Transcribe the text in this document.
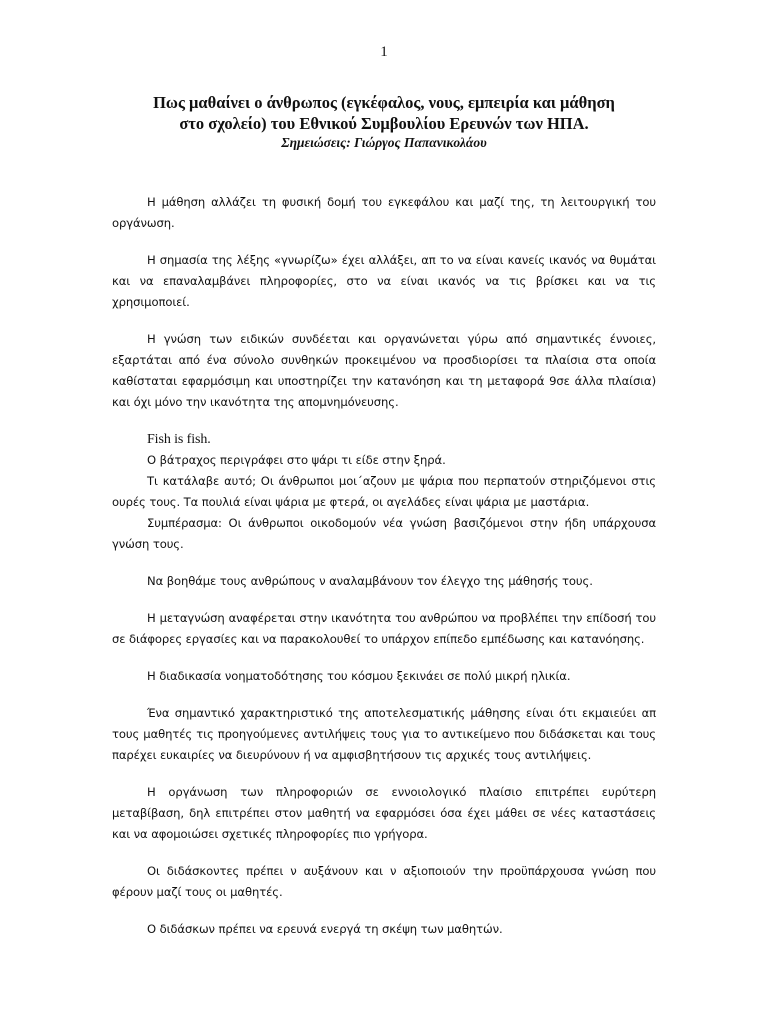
1
Πως μαθαίνει ο άνθρωπος (εγκέφαλος, νους, εμπειρία και μάθηση
στο σχολείο) του Εθνικού Συμβουλίου Ερευνών των ΗΠΑ.

Σημειώσεις: Γιώργος Παπανικολάου

Η μάθηση αλλάζει τη φυσική δομή του εγκεφάλου και μαζί της, τη λειτουργική του οργάνωση.

Η σημασία της λέξης «γνωρίζω» έχει αλλάξει, απ το να είναι κανείς ικανός να θυμάται και να επαναλαμβάνει πληροφορίες, στο να είναι ικανός να τις βρίσκει και να τις χρησιμοποιεί.

Η γνώση των ειδικών συνδέεται και οργανώνεται γύρω από σημαντικές έννοιες, εξαρτάται από ένα σύνολο συνθηκών προκειμένου να προσδιορίσει τα πλαίσια στα οποία καθίσταται εφαρμόσιμη και υποστηρίζει την κατανόηση και τη μεταφορά 9σε άλλα πλαίσια) και όχι μόνο την ικανότητα της απομνημόνευσης.

Fish is fish.

Ο βάτραχος περιγράφει στο ψάρι τι είδε στην ξηρά.

Τι κατάλαβε αυτό; Οι άνθρωποι μοι΄αζουν με ψάρια που περπατούν στηριζόμενοι στις ουρές τους. Τα πουλιά είναι ψάρια με φτερά, οι αγελάδες είναι ψάρια με μαστάρια.

Συμπέρασμα: Οι άνθρωποι οικοδομούν νέα γνώση βασιζόμενοι στην ήδη υπάρχουσα γνώση τους.

Να βοηθάμε τους ανθρώπους ν αναλαμβάνουν τον έλεγχο της μάθησής τους.

Η μεταγνώση αναφέρεται στην ικανότητα του ανθρώπου να προβλέπει την επίδοσή του σε διάφορες εργασίες και να παρακολουθεί το υπάρχον επίπεδο εμπέδωσης και κατανόησης.

Η διαδικασία νοηματοδότησης του κόσμου ξεκινάει σε πολύ μικρή ηλικία.

Ένα σημαντικό χαρακτηριστικό της αποτελεσματικής μάθησης είναι ότι εκμαιεύει απ τους μαθητές τις προηγούμενες αντιλήψεις τους για το αντικείμενο που διδάσκεται και τους παρέχει ευκαιρίες να διευρύνουν ή να αμφισβητήσουν τις αρχικές τους αντιλήψεις.

Η οργάνωση των πληροφοριών σε εννοιολογικό πλαίσιο επιτρέπει ευρύτερη μεταβίβαση, δηλ επιτρέπει στον μαθητή να εφαρμόσει όσα έχει μάθει σε νέες καταστάσεις και να αφομοιώσει σχετικές πληροφορίες πιο γρήγορα.

Οι διδάσκοντες πρέπει ν αυξάνουν και ν αξιοποιούν την προϋπάρχουσα γνώση που φέρουν μαζί τους οι μαθητές.

Ο διδάσκων πρέπει να ερευνά ενεργά τη σκέψη των μαθητών.
